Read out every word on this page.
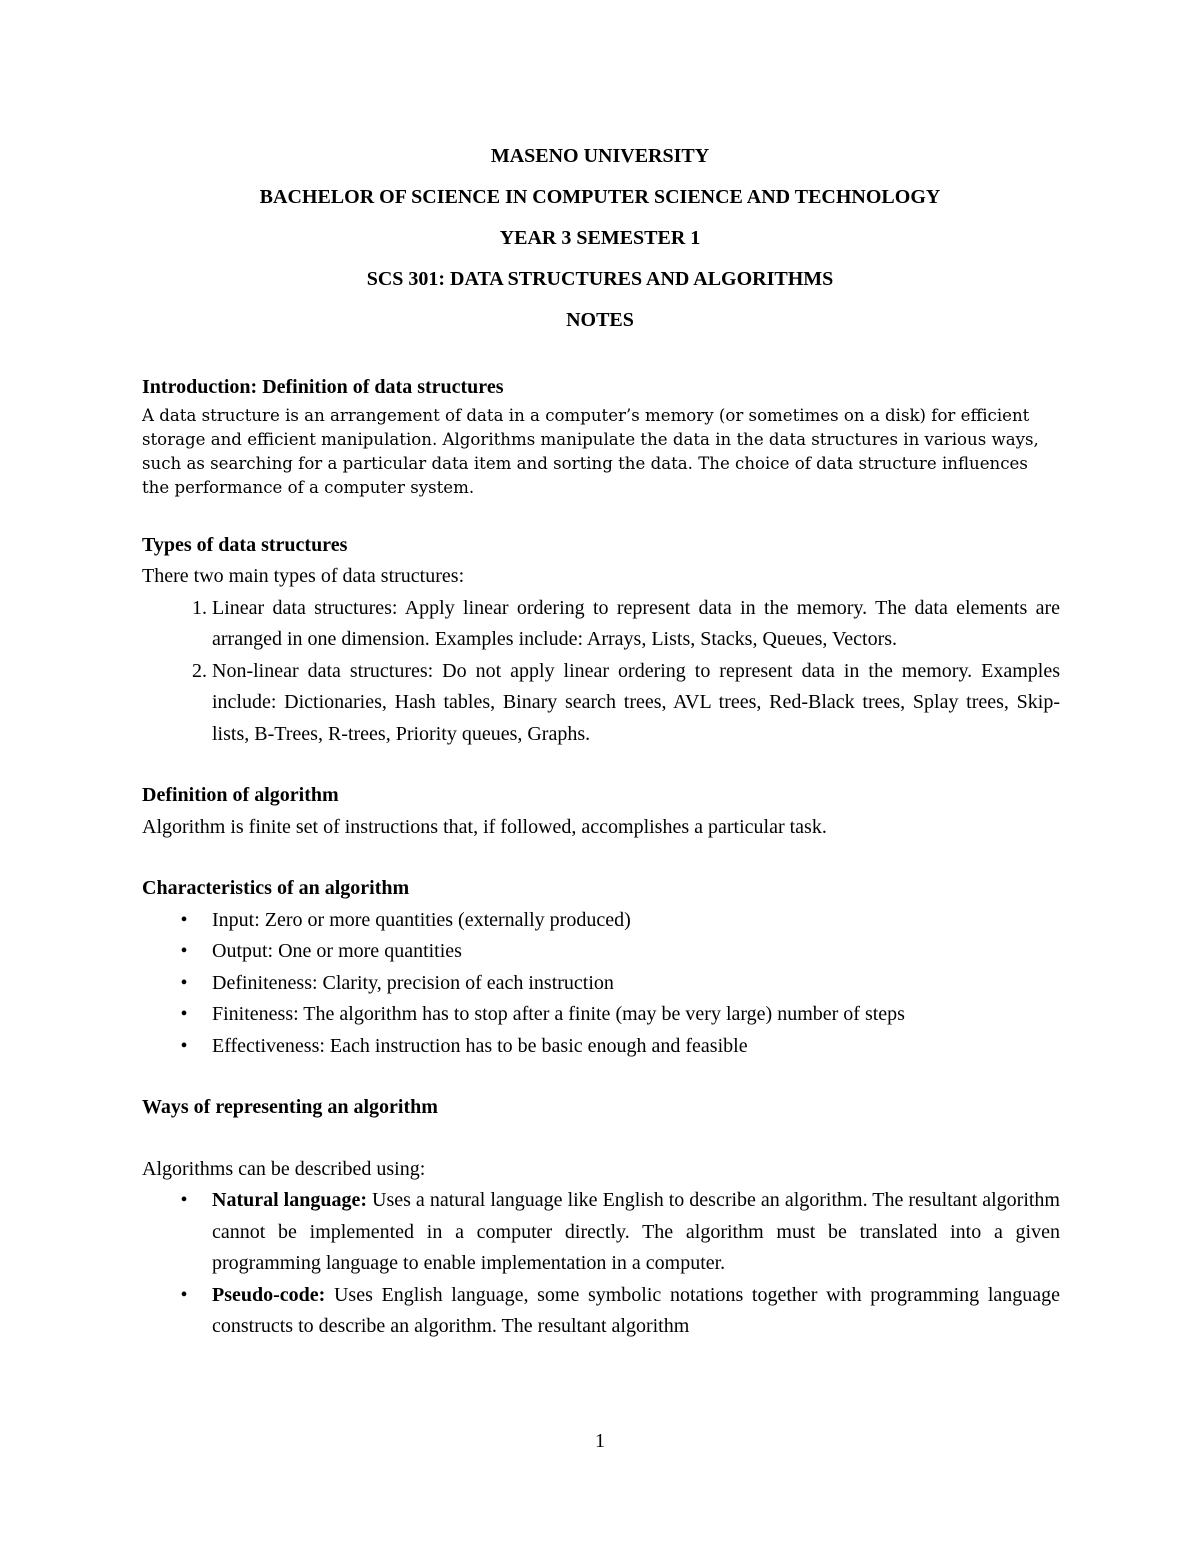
MASENO UNIVERSITY
BACHELOR OF SCIENCE IN COMPUTER SCIENCE AND TECHNOLOGY
YEAR 3 SEMESTER 1
SCS 301: DATA STRUCTURES AND ALGORITHMS
NOTES

Introduction: Definition of data structures

A data structure is an arrangement of data in a computer’s memory (or sometimes on a disk) for efficient storage and efficient manipulation. Algorithms manipulate the data in the data structures in various ways, such as searching for a particular data item and sorting the data. The choice of data structure influences the performance of a computer system.

Types of data structures

There two main types of data structures:

1. Linear data structures: Apply linear ordering to represent data in the memory. The data elements are arranged in one dimension. Examples include: Arrays, Lists, Stacks, Queues, Vectors.
2. Non-linear data structures: Do not apply linear ordering to represent data in the memory. Examples include: Dictionaries, Hash tables, Binary search trees, AVL trees, Red-Black trees, Splay trees, Skip-lists, B-Trees, R-trees, Priority queues, Graphs.

Definition of algorithm

Algorithm is finite set of instructions that, if followed, accomplishes a particular task.

Characteristics of an algorithm

•	Input: Zero or more quantities (externally produced)
•	Output: One or more quantities
•	Definiteness: Clarity, precision of each instruction
•	Finiteness: The algorithm has to stop after a finite (may be very large) number of steps
•	Effectiveness: Each instruction has to be basic enough and feasible

Ways of representing an algorithm

Algorithms can be described using:

•	Natural language: Uses a natural language like English to describe an algorithm. The resultant algorithm cannot be implemented in a computer directly. The algorithm must be translated into a given programming language to enable implementation in a computer.
•	Pseudo-code: Uses English language, some symbolic notations together with programming language constructs to describe an algorithm. The resultant algorithm
1
